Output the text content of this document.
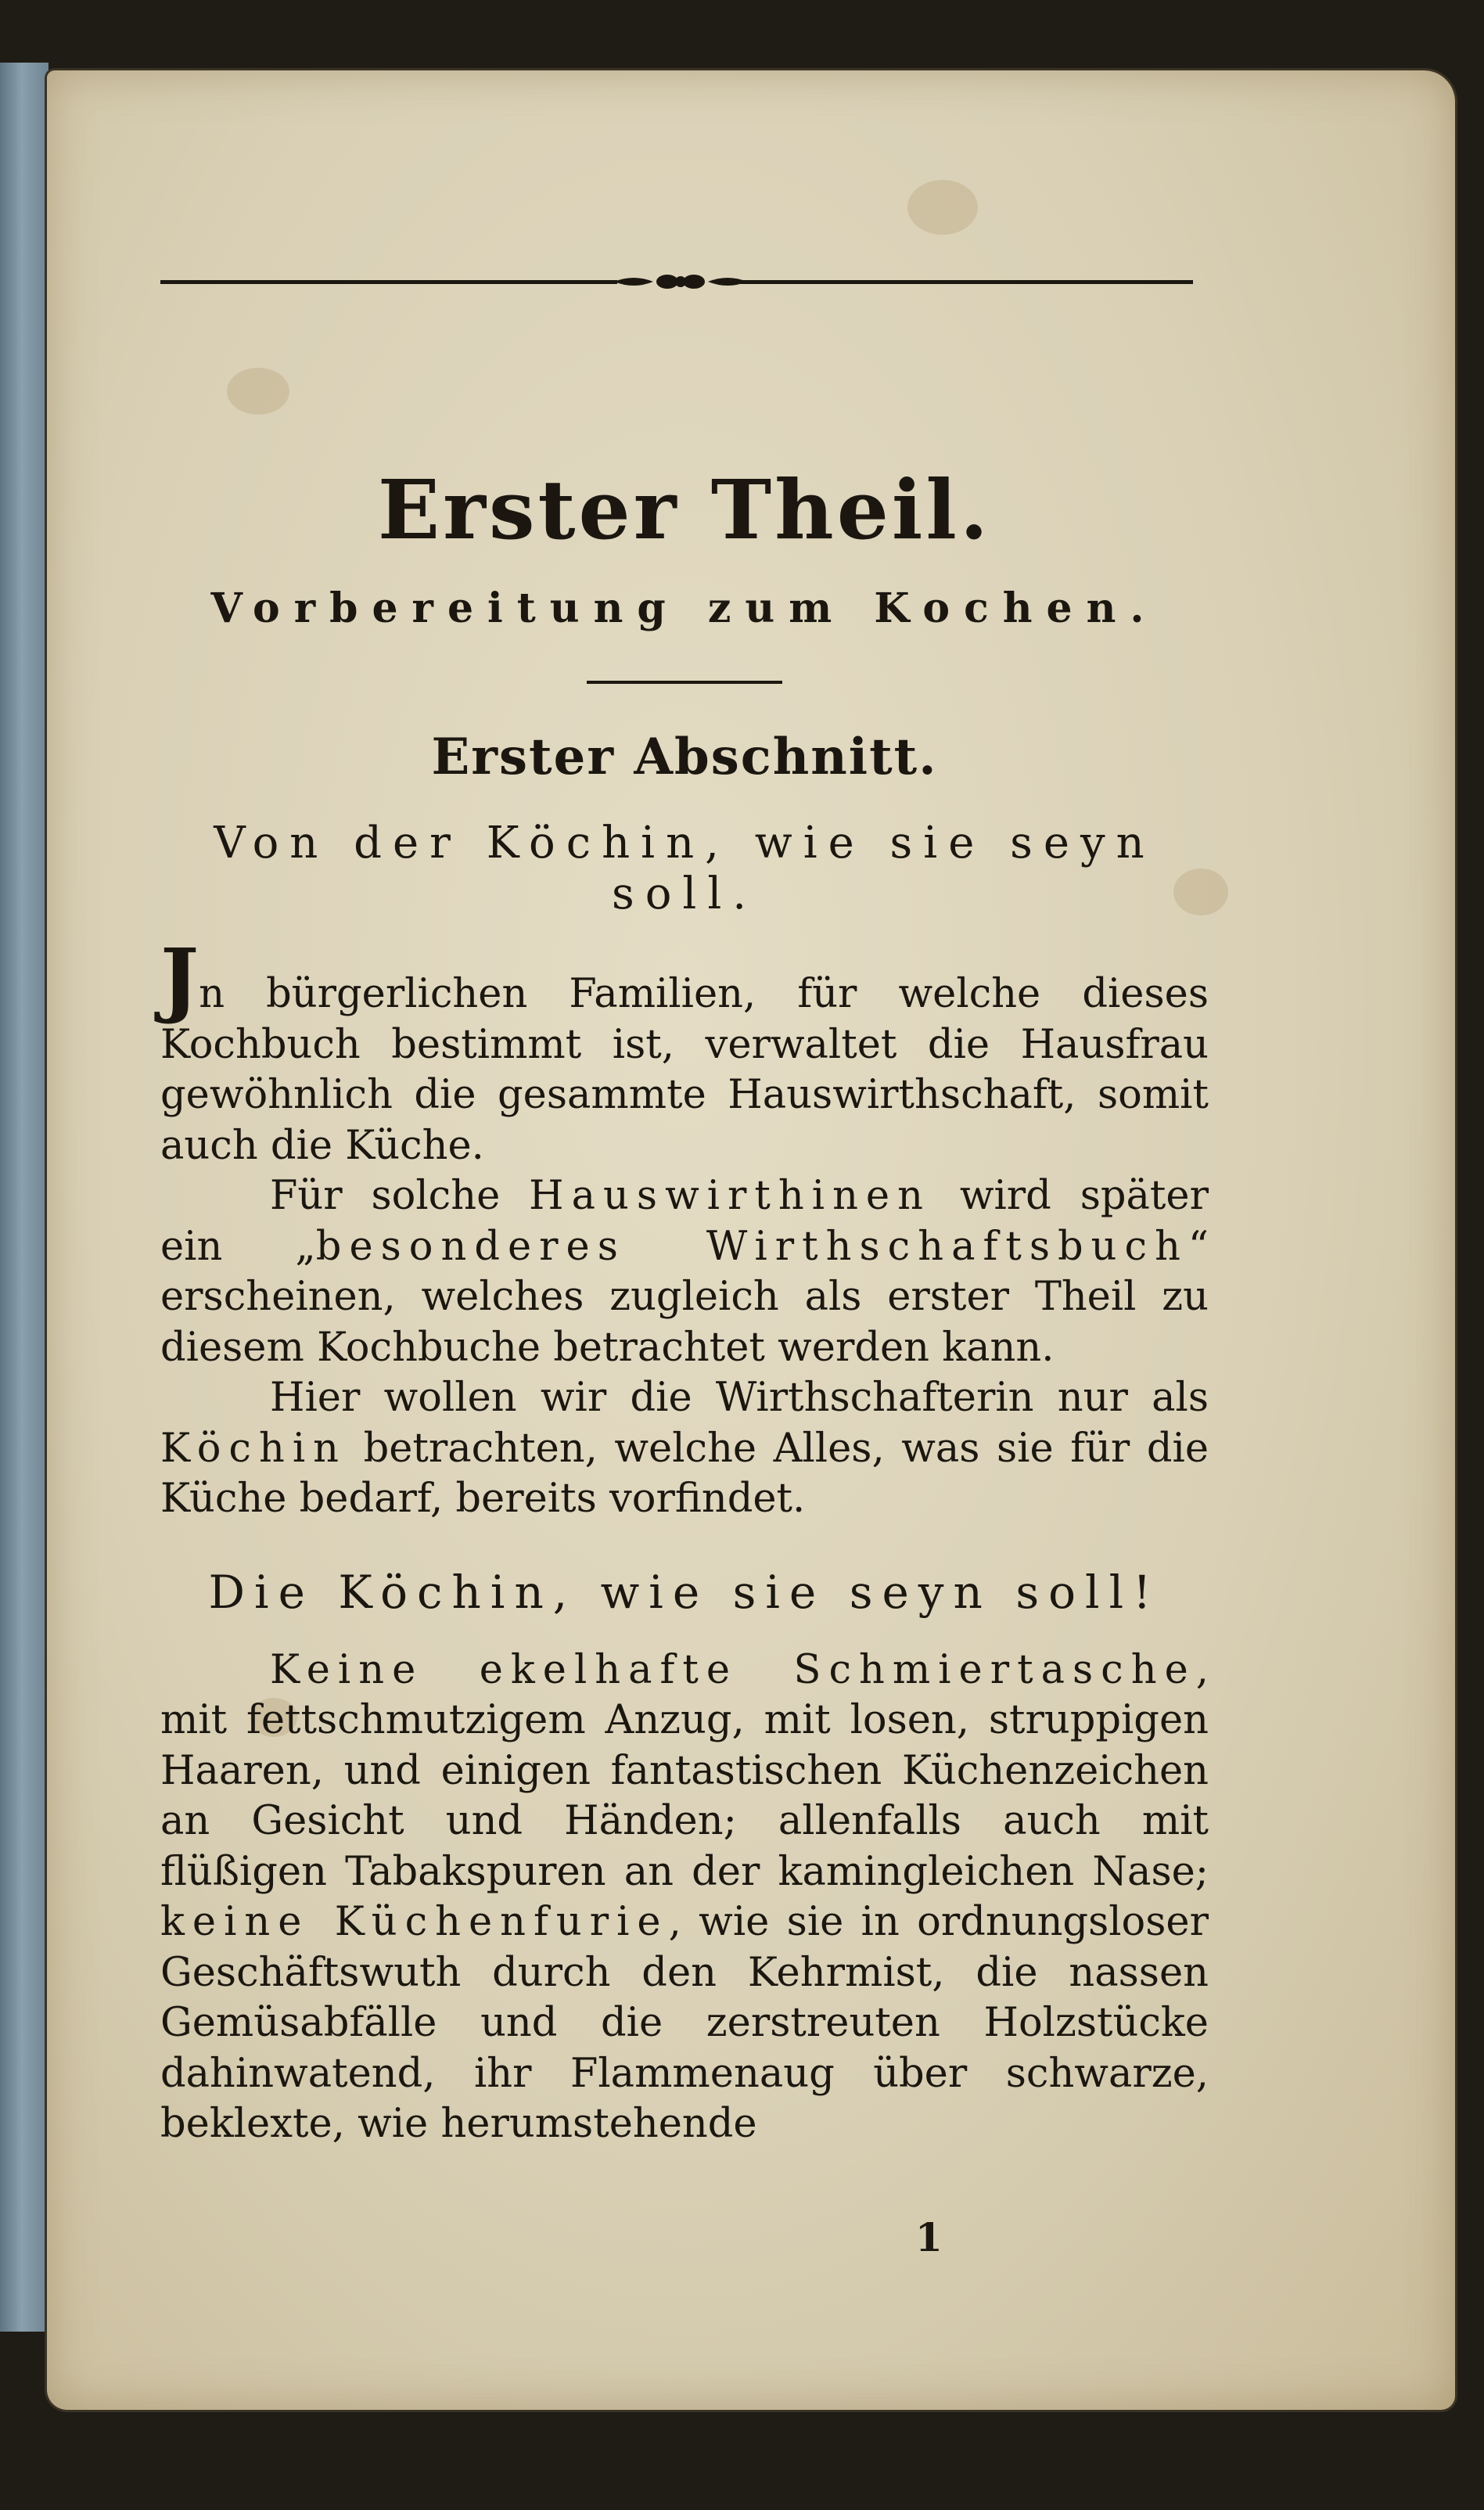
Erster Theil.
Vorbereitung zum Kochen.
Erster Abschnitt.
Von der Köchin, wie sie seyn soll.

Jn bürgerlichen Familien, für welche dieses Kochbuch bestimmt ist, verwaltet die Hausfrau gewöhnlich die gesammte Hauswirthschaft, somit auch die Küche.

Für solche Hauswirthinen wird später ein „besonderes Wirthschaftsbuch“ erscheinen, welches zugleich als erster Theil zu diesem Kochbuche betrachtet werden kann.

Hier wollen wir die Wirthschafterin nur als Köchin betrachten, welche Alles, was sie für die Küche bedarf, bereits vorfindet.

Die Köchin, wie sie seyn soll!

Keine ekelhafte Schmiertasche, mit fettschmutzigem Anzug, mit losen, struppigen Haaren, und einigen fantastischen Küchenzeichen an Gesicht und Händen; allenfalls auch mit flüßigen Tabakspuren an der kamingleichen Nase; keine Küchenfurie, wie sie in ordnungsloser Geschäftswuth durch den Kehrmist, die nassen Gemüsabfälle und die zerstreuten Holzstücke dahinwatend, ihr Flammenaug über schwarze, beklexte, wie herumstehende

1
